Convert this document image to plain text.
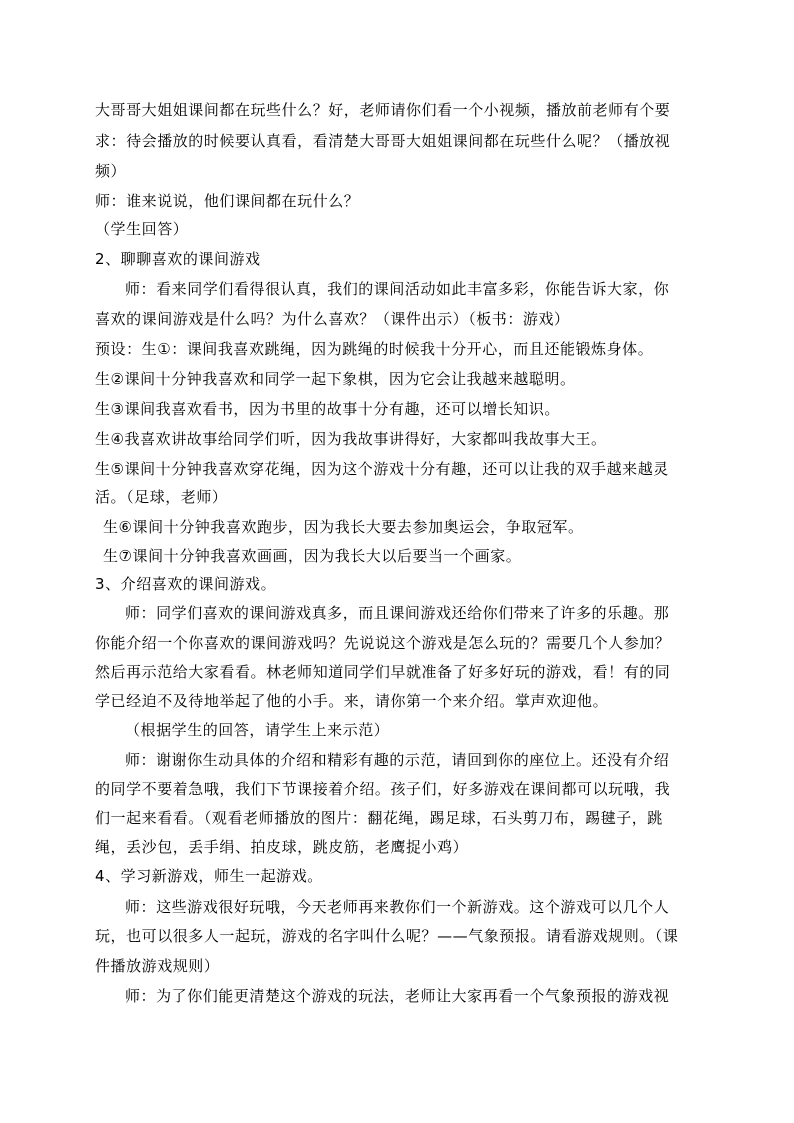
大哥哥大姐姐课间都在玩些什么？好，老师请你们看一个小视频，播放前老师有个要
求：待会播放的时候要认真看，看清楚大哥哥大姐姐课间都在玩些什么呢？（播放视
频）
师：谁来说说，他们课间都在玩什么？
（学生回答）
2、聊聊喜欢的课间游戏
师：看来同学们看得很认真，我们的课间活动如此丰富多彩，你能告诉大家，你
喜欢的课间游戏是什么吗？为什么喜欢？（课件出示）（板书：游戏）
预设：生①：课间我喜欢跳绳，因为跳绳的时候我十分开心，而且还能锻炼身体。
生②课间十分钟我喜欢和同学一起下象棋，因为它会让我越来越聪明。
生③课间我喜欢看书，因为书里的故事十分有趣，还可以增长知识。
生④我喜欢讲故事给同学们听，因为我故事讲得好，大家都叫我故事大王。
生⑤课间十分钟我喜欢穿花绳，因为这个游戏十分有趣，还可以让我的双手越来越灵
活。（足球，老师）
生⑥课间十分钟我喜欢跑步，因为我长大要去参加奥运会，争取冠军。
生⑦课间十分钟我喜欢画画，因为我长大以后要当一个画家。
3、介绍喜欢的课间游戏。
师：同学们喜欢的课间游戏真多，而且课间游戏还给你们带来了许多的乐趣。那
你能介绍一个你喜欢的课间游戏吗？先说说这个游戏是怎么玩的？需要几个人参加？
然后再示范给大家看看。林老师知道同学们早就准备了好多好玩的游戏，看！有的同
学已经迫不及待地举起了他的小手。来，请你第一个来介绍。掌声欢迎他。
（根据学生的回答，请学生上来示范）
师：谢谢你生动具体的介绍和精彩有趣的示范，请回到你的座位上。还没有介绍
的同学不要着急哦，我们下节课接着介绍。孩子们，好多游戏在课间都可以玩哦，我
们一起来看看。（观看老师播放的图片：翻花绳，踢足球，石头剪刀布，踢毽子，跳
绳，丢沙包，丢手绢、拍皮球，跳皮筋，老鹰捉小鸡）
4、学习新游戏，师生一起游戏。
师：这些游戏很好玩哦，今天老师再来教你们一个新游戏。这个游戏可以几个人
玩，也可以很多人一起玩，游戏的名字叫什么呢？——气象预报。请看游戏规则。（课
件播放游戏规则）
师：为了你们能更清楚这个游戏的玩法，老师让大家再看一个气象预报的游戏视
